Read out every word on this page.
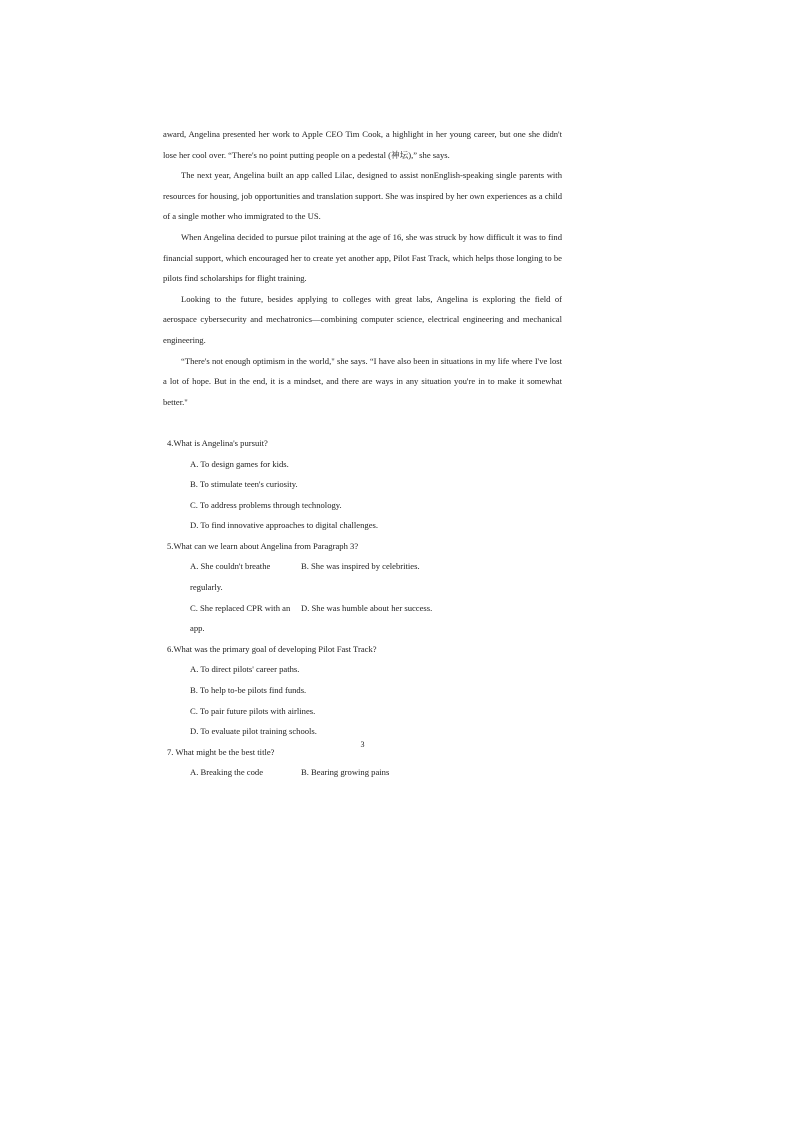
award, Angelina presented her work to Apple CEO Tim Cook, a highlight in her young career, but one she didn't lose her cool over. “There's no point putting people on a pedestal (神坛),” she says.

The next year, Angelina built an app called Lilac, designed to assist nonEnglish-speaking single parents with resources for housing, job opportunities and translation support. She was inspired by her own experiences as a child of a single mother who immigrated to the US.

When Angelina decided to pursue pilot training at the age of 16, she was struck by how difficult it was to find financial support, which encouraged her to create yet another app, Pilot Fast Track, which helps those longing to be pilots find scholarships for flight training.

Looking to the future, besides applying to colleges with great labs, Angelina is exploring the field of aerospace cybersecurity and mechatronics—combining computer science, electrical engineering and mechanical engineering.

“There's not enough optimism in the world," she says. “I have also been in situations in my life where I've lost a lot of hope. But in the end, it is a mindset, and there are ways in any situation you're in to make it somewhat better."

4.What is Angelina's pursuit?
A. To design games for kids.
B. To stimulate teen's curiosity.
C. To address problems through technology.
D. To find innovative approaches to digital challenges.
5.What can we learn about Angelina from Paragraph 3?
A. She couldn't breathe regularly.
B. She was inspired by celebrities.
C. She replaced CPR with an app.
D. She was humble about her success.
6.What was the primary goal of developing Pilot Fast Track?
A. To direct pilots' career paths.
B. To help to-be pilots find funds.
C. To pair future pilots with airlines.
D. To evaluate pilot training schools.
7. What might be the best title?
A. Breaking the code	B. Bearing growing pains
3
